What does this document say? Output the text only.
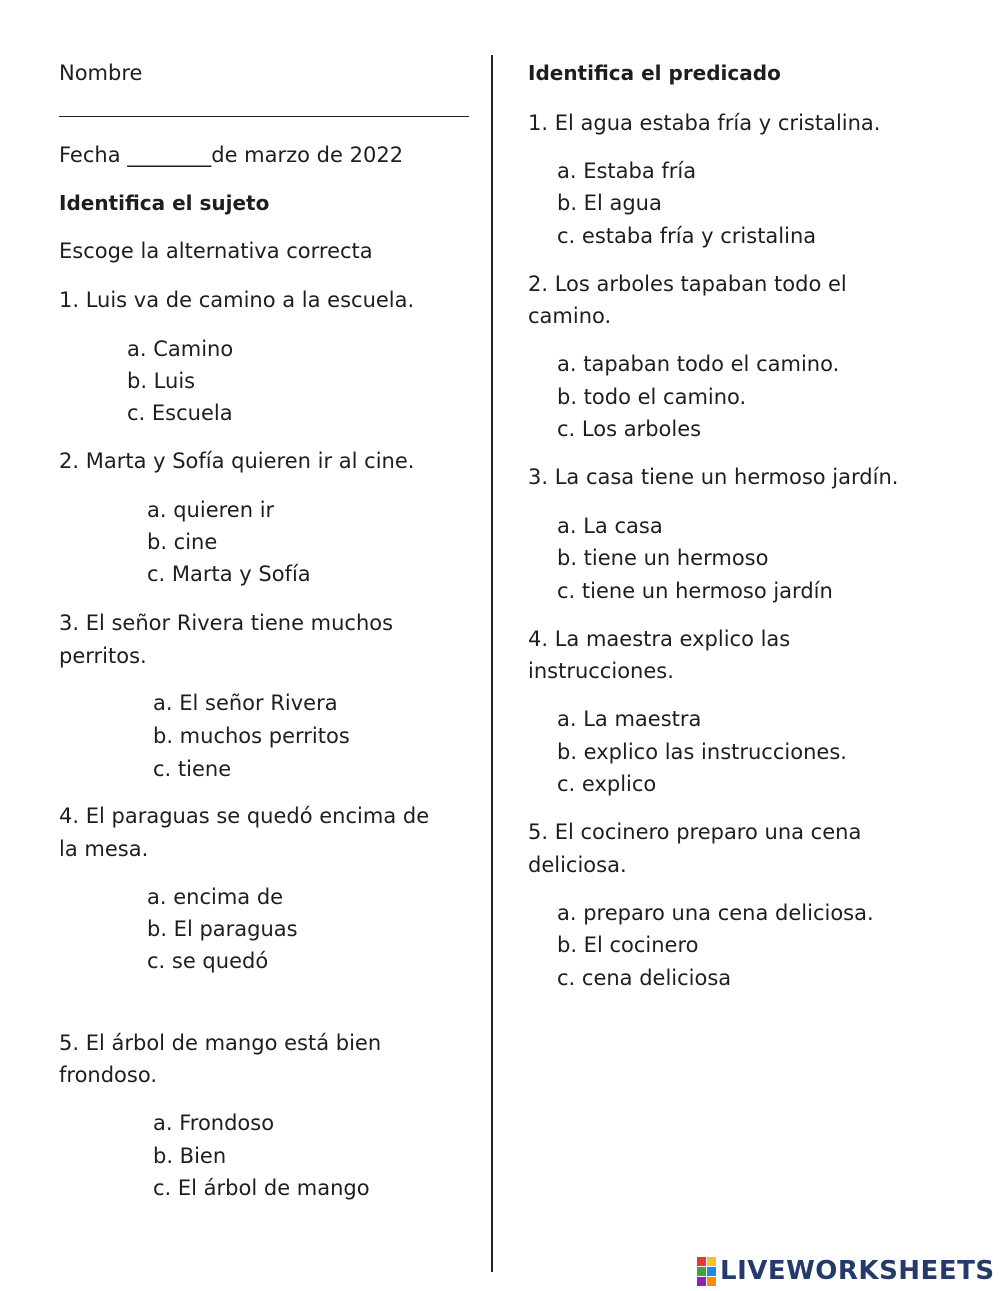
Nombre
Fecha ________de marzo de 2022
Identifica el sujeto
Escoge la alternativa correcta
1. Luis va de camino a la escuela.
a. Camino
b. Luis
c. Escuela
2. Marta y Sofía quieren ir al cine.
a. quieren ir
b. cine
c. Marta y Sofía
3. El señor Rivera tiene muchos
perritos.
a. El señor Rivera
b. muchos perritos
c. tiene
4. El paraguas se quedó encima de
la mesa.
a. encima de
b. El paraguas
c. se quedó
5. El árbol de mango está bien
frondoso.
a. Frondoso
b. Bien
c. El árbol de mango
Identifica el predicado
1. El agua estaba fría y cristalina.
a. Estaba fría
b. El agua
c. estaba fría y cristalina
2. Los arboles tapaban todo el
camino.
a. tapaban todo el camino.
b. todo el camino.
c. Los arboles
3. La casa tiene un hermoso jardín.
a. La casa
b. tiene un hermoso
c. tiene un hermoso jardín
4. La maestra explico las
instrucciones.
a. La maestra
b. explico las instrucciones.
c. explico
5. El cocinero preparo una cena
deliciosa.
a. preparo una cena deliciosa.
b. El cocinero
c. cena deliciosa
LIVEWORKSHEETS
